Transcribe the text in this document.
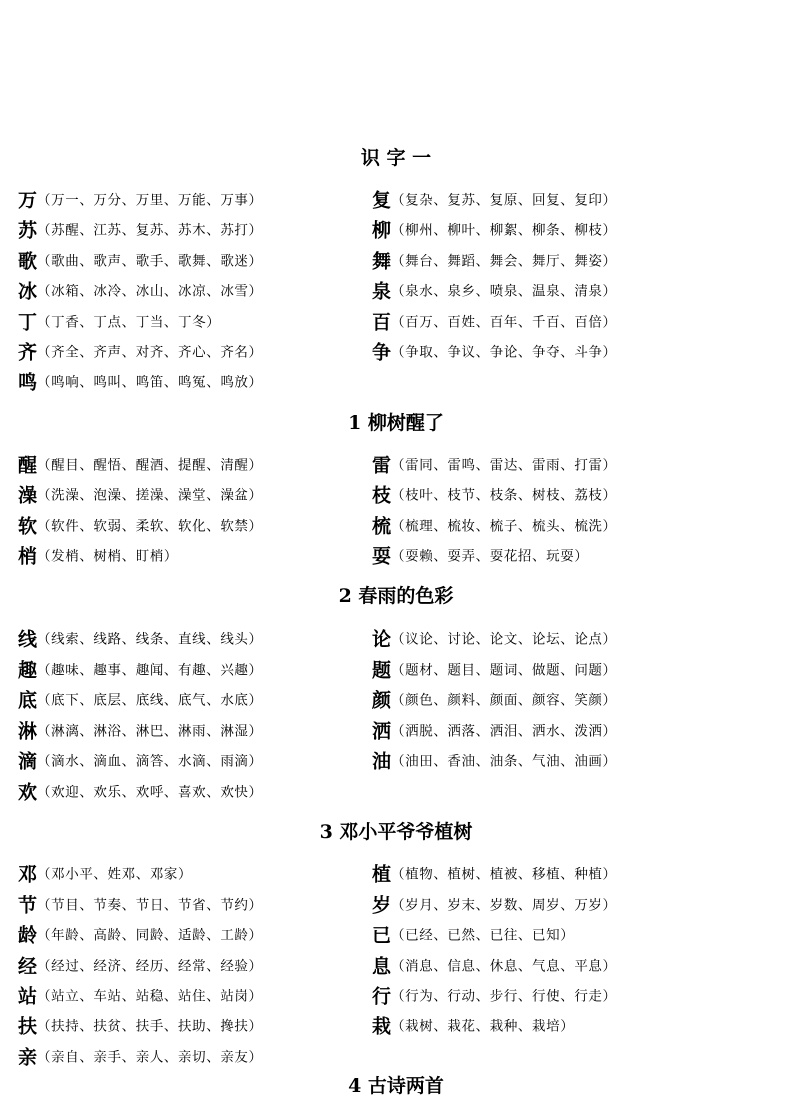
识 字 一
万（万一、万分、万里、万能、万事）	复（复杂、复苏、复原、回复、复印）
苏（苏醒、江苏、复苏、苏木、苏打）	柳（柳州、柳叶、柳絮、柳条、柳枝）
歌（歌曲、歌声、歌手、歌舞、歌迷）	舞（舞台、舞蹈、舞会、舞厅、舞姿）
冰（冰箱、冰冷、冰山、冰凉、冰雪）	泉（泉水、泉乡、喷泉、温泉、清泉）
丁（丁香、丁点、丁当、丁冬）	百（百万、百姓、百年、千百、百倍）
齐（齐全、齐声、对齐、齐心、齐名）	争（争取、争议、争论、争夺、斗争）
鸣（鸣响、鸣叫、鸣笛、鸣冤、鸣放）
1 柳树醒了
醒（醒目、醒悟、醒酒、提醒、清醒）	雷（雷同、雷鸣、雷达、雷雨、打雷）
澡（洗澡、泡澡、搓澡、澡堂、澡盆）	枝（枝叶、枝节、枝条、树枝、荔枝）
软（软件、软弱、柔软、软化、软禁）	梳（梳理、梳妆、梳子、梳头、梳洗）
梢（发梢、树梢、盯梢）	耍（耍赖、耍弄、耍花招、玩耍）
2 春雨的色彩
线（线索、线路、线条、直线、线头）	论（议论、讨论、论文、论坛、论点）
趣（趣味、趣事、趣闻、有趣、兴趣）	题（题材、题目、题词、做题、问题）
底（底下、底层、底线、底气、水底）	颜（颜色、颜料、颜面、颜容、笑颜）
淋（淋漓、淋浴、淋巴、淋雨、淋湿）	洒（洒脱、洒落、洒泪、洒水、泼洒）
滴（滴水、滴血、滴答、水滴、雨滴）	油（油田、香油、油条、气油、油画）
欢（欢迎、欢乐、欢呼、喜欢、欢快）
3 邓小平爷爷植树
邓（邓小平、姓邓、邓家）	植（植物、植树、植被、移植、种植）
节（节目、节奏、节日、节省、节约）	岁（岁月、岁末、岁数、周岁、万岁）
龄（年龄、高龄、同龄、适龄、工龄）	已（已经、已然、已往、已知）
经（经过、经济、经历、经常、经验）	息（消息、信息、休息、气息、平息）
站（站立、车站、站稳、站住、站岗）	行（行为、行动、步行、行使、行走）
扶（扶持、扶贫、扶手、扶助、搀扶）	栽（栽树、栽花、栽种、栽培）
亲（亲自、亲手、亲人、亲切、亲友）
4 古诗两首
